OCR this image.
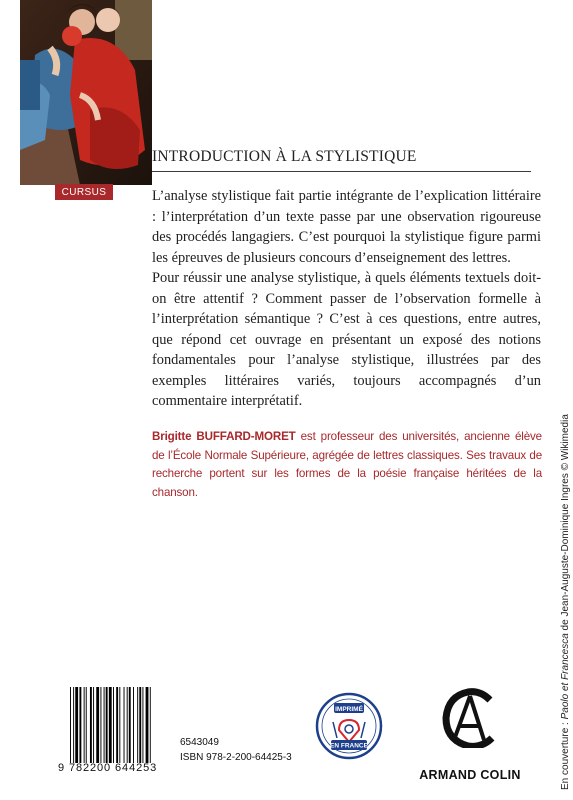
CURSUS
INTRODUCTION À LA STYLISTIQUE

L’analyse stylistique fait partie intégrante de l’explication littéraire : l’interprétation d’un texte passe par une observation rigoureuse des procédés langagiers. C’est pourquoi la stylistique figure parmi les épreuves de plusieurs concours d’enseignement des lettres.

Pour réussir une analyse stylistique, à quels éléments textuels doit-on être attentif ? Comment passer de l’observation formelle à l’interprétation sémantique ? C’est à ces questions, entre autres, que répond cet ouvrage en présentant un exposé des notions fondamentales pour l’analyse stylistique, illustrées par des exemples littéraires variés, toujours accompagnés d’un commentaire interprétatif.

Brigitte BUFFARD-MORET est professeur des universités, ancienne élève de l’École Normale Supérieure, agrégée de lettres classiques. Ses travaux de recherche portent sur les formes de la poésie française héritées de la chanson.
En couverture : Paolo et Francesca de Jean-Auguste-Dominique Ingres © Wikimedia
9 782200 644253
6543049
ISBN 978-2-200-64425-3
IMPRIMÉ
EN FRANCE
ARMAND COLIN
